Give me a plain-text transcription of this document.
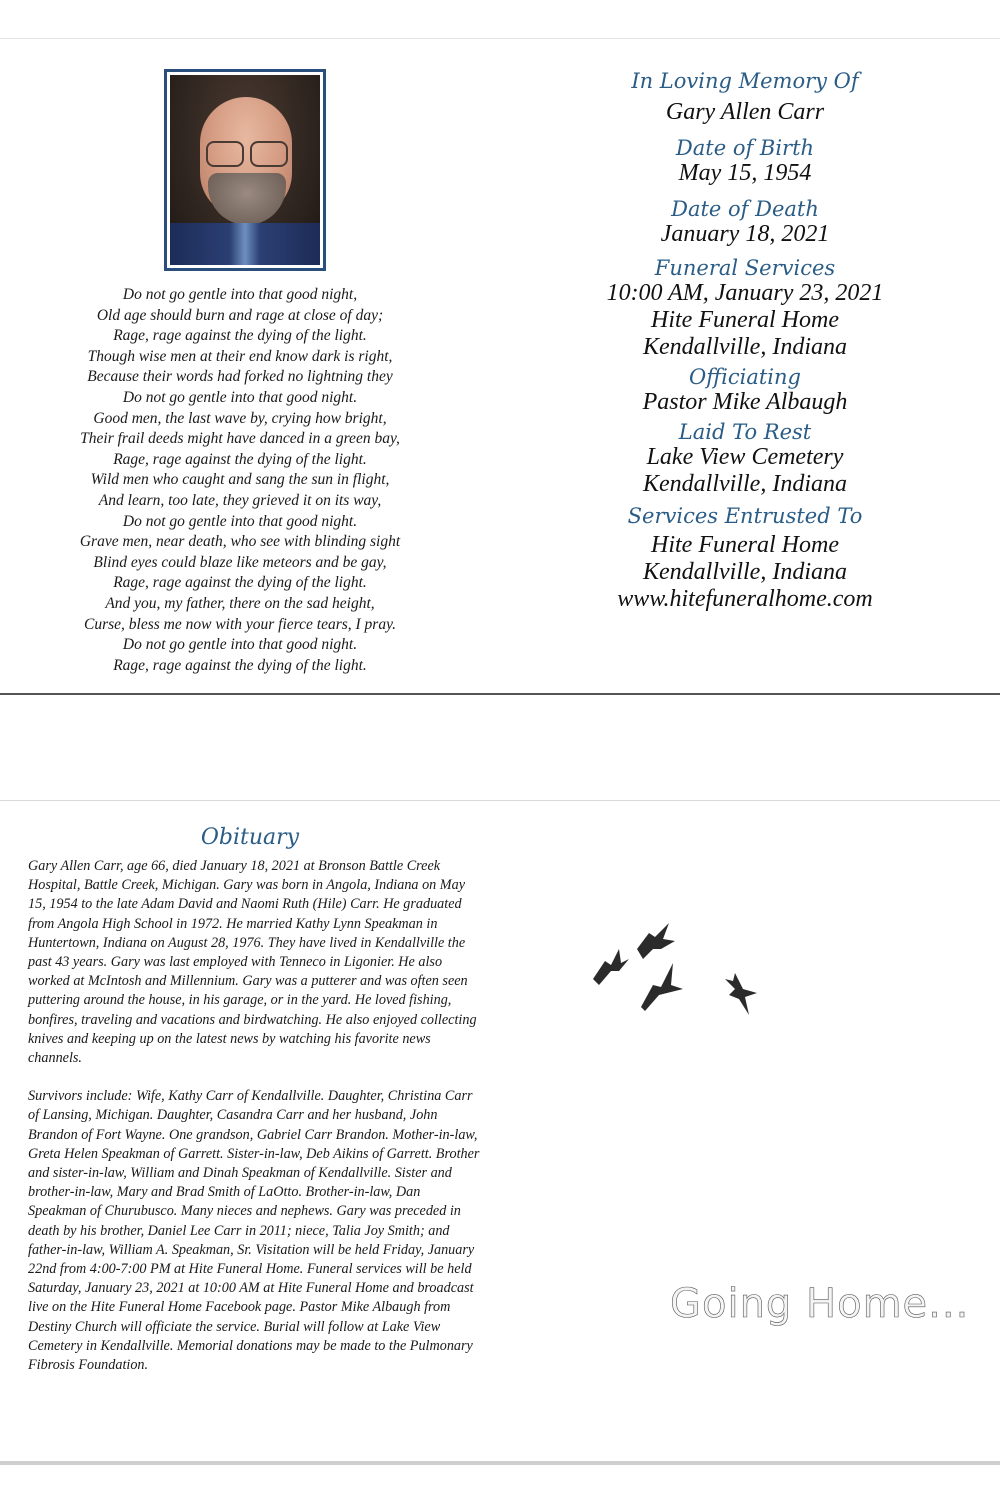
Do not go gentle into that good night,
Old age should burn and rage at close of day;
Rage, rage against the dying of the light.
Though wise men at their end know dark is right,
Because their words had forked no lightning they
Do not go gentle into that good night.
Good men, the last wave by, crying how bright,
Their frail deeds might have danced in a green bay,
Rage, rage against the dying of the light.
Wild men who caught and sang the sun in flight,
And learn, too late, they grieved it on its way,
Do not go gentle into that good night.
Grave men, near death, who see with blinding sight
Blind eyes could blaze like meteors and be gay,
Rage, rage against the dying of the light.
And you, my father, there on the sad height,
Curse, bless me now with your fierce tears, I pray.
Do not go gentle into that good night.
Rage, rage against the dying of the light.
In Loving Memory Of
Gary Allen Carr
Date of Birth
May 15, 1954
Date of Death
January 18, 2021
Funeral Services
10:00 AM, January 23, 2021
Hite Funeral Home
Kendallville, Indiana
Officiating
Pastor Mike Albaugh
Laid To Rest
Lake View Cemetery
Kendallville, Indiana
Services Entrusted To
Hite Funeral Home
Kendallville, Indiana
www.hitefuneralhome.com
Obituary

Gary Allen Carr, age 66, died January 18, 2021 at Bronson Battle Creek Hospital, Battle Creek, Michigan. Gary was born in Angola, Indiana on May 15, 1954 to the late Adam David and Naomi Ruth (Hile) Carr. He graduated from Angola High School in 1972. He married Kathy Lynn Speakman in Huntertown, Indiana on August 28, 1976. They have lived in Kendallville the past 43 years. Gary was last employed with Tenneco in Ligonier. He also worked at McIntosh and Millennium. Gary was a putterer and was often seen puttering around the house, in his garage, or in the yard. He loved fishing, bonfires, traveling and vacations and birdwatching. He also enjoyed collecting knives and keeping up on the latest news by watching his favorite news channels.

Survivors include: Wife, Kathy Carr of Kendallville. Daughter, Christina Carr of Lansing, Michigan. Daughter, Casandra Carr and her husband, John Brandon of Fort Wayne. One grandson, Gabriel Carr Brandon. Mother-in-law, Greta Helen Speakman of Garrett. Sister-in-law, Deb Aikins of Garrett. Brother and sister-in-law, William and Dinah Speakman of Kendallville. Sister and brother-in-law, Mary and Brad Smith of LaOtto. Brother-in-law, Dan Speakman of Churubusco. Many nieces and nephews. Gary was preceded in death by his brother, Daniel Lee Carr in 2011; niece, Talia Joy Smith; and father-in-law, William A. Speakman, Sr. Visitation will be held Friday, January 22nd from 4:00-7:00 PM at Hite Funeral Home. Funeral services will be held Saturday, January 23, 2021 at 10:00 AM at Hite Funeral Home and broadcast live on the Hite Funeral Home Facebook page. Pastor Mike Albaugh from Destiny Church will officiate the service. Burial will follow at Lake View Cemetery in Kendallville. Memorial donations may be made to the Pulmonary Fibrosis Foundation.

Going Home...
